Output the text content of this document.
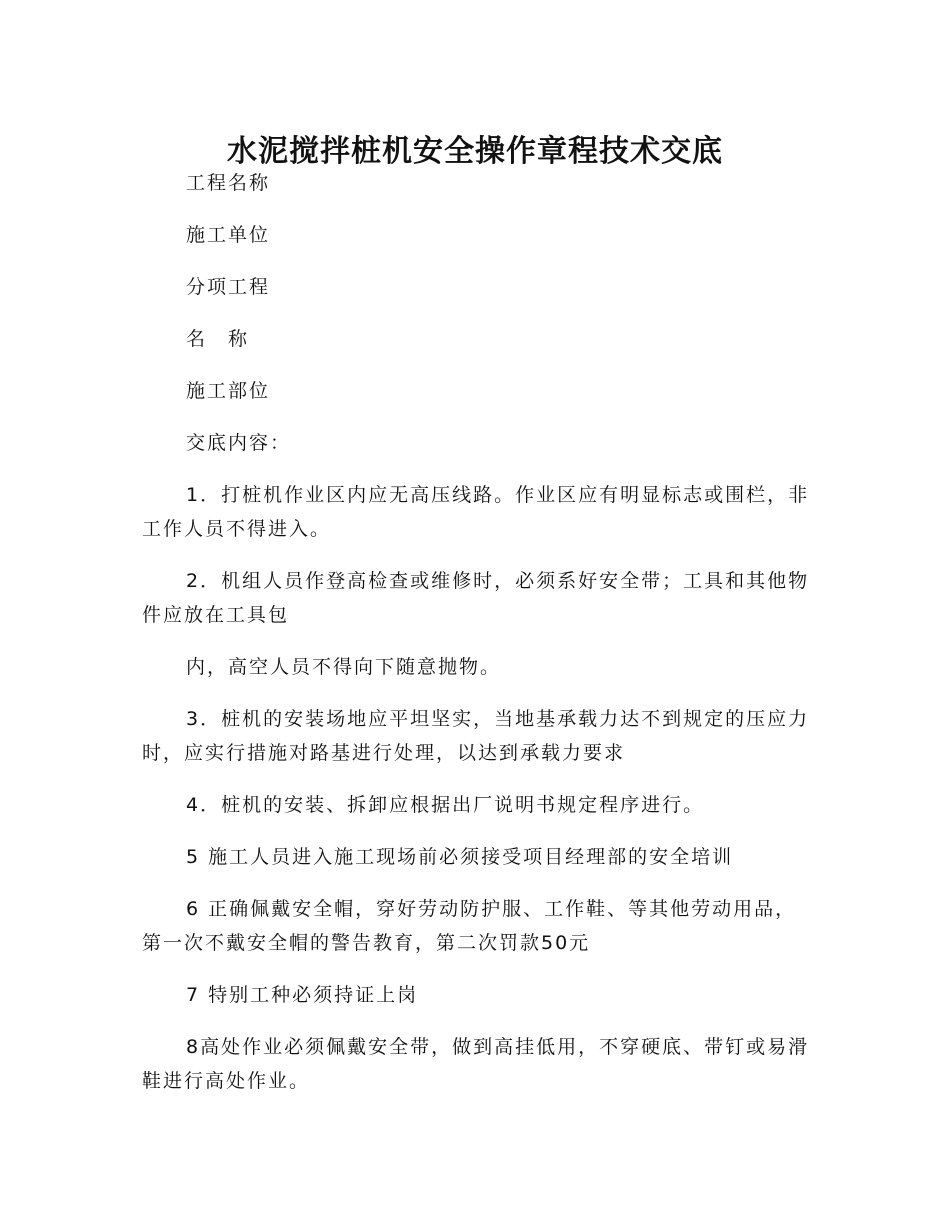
水泥搅拌桩机安全操作章程技术交底

工程名称

施工单位

分项工程

名　称

施工部位

交底内容：

1．打桩机作业区内应无高压线路。作业区应有明显标志或围栏，非工作人员不得进入。

2．机组人员作登高检查或维修时，必须系好安全带；工具和其他物件应放在工具包

内，高空人员不得向下随意抛物。

3．桩机的安装场地应平坦坚实，当地基承载力达不到规定的压应力时，应实行措施对路基进行处理，以达到承载力要求

4．桩机的安装、拆卸应根据出厂说明书规定程序进行。

5 施工人员进入施工现场前必须接受项目经理部的安全培训

6 正确佩戴安全帽，穿好劳动防护服、工作鞋、等其他劳动用品，第一次不戴安全帽的警告教育，第二次罚款50元

7 特别工种必须持证上岗

8高处作业必须佩戴安全带，做到高挂低用，不穿硬底、带钉或易滑鞋进行高处作业。
